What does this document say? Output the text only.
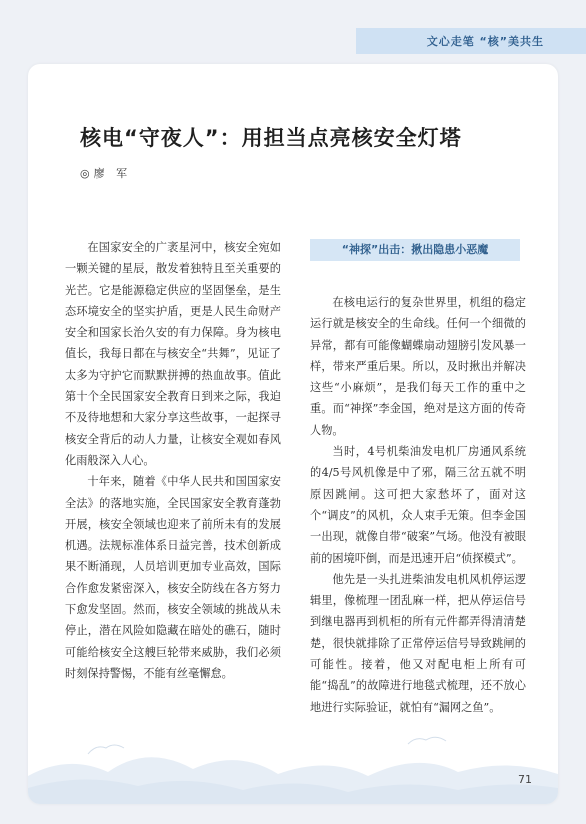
文心走笔 “核”美共生
核电“守夜人”：用担当点亮核安全灯塔
◎廖 军

在国家安全的广袤星河中，核安全宛如一颗关键的星辰，散发着独特且至关重要的光芒。它是能源稳定供应的坚固堡垒，是生态环境安全的坚实护盾，更是人民生命财产安全和国家长治久安的有力保障。身为核电值长，我每日都在与核安全“共舞”，见证了太多为守护它而默默拼搏的热血故事。值此第十个全民国家安全教育日到来之际，我迫不及待地想和大家分享这些故事，一起探寻核安全背后的动人力量，让核安全观如春风化雨般深入人心。

十年来，随着《中华人民共和国国家安全法》的落地实施，全民国家安全教育蓬勃开展，核安全领域也迎来了前所未有的发展机遇。法规标准体系日益完善，技术创新成果不断涌现，人员培训更加专业高效，国际合作愈发紧密深入，核安全防线在各方努力下愈发坚固。然而，核安全领域的挑战从未停止，潜在风险如隐藏在暗处的礁石，随时可能给核安全这艘巨轮带来威胁，我们必须时刻保持警惕，不能有丝毫懈怠。

“神探”出击：揪出隐患小恶魔

在核电运行的复杂世界里，机组的稳定运行就是核安全的生命线。任何一个细微的异常，都有可能像蝴蝶扇动翅膀引发风暴一样，带来严重后果。所以，及时揪出并解决这些“小麻烦”，是我们每天工作的重中之重。而“神探”李金国，绝对是这方面的传奇人物。

当时，4号机柴油发电机厂房通风系统的4/5号风机像是中了邪，隔三岔五就不明原因跳闸。这可把大家愁坏了，面对这个“调皮”的风机，众人束手无策。但李金国一出现，就像自带“破案”气场。他没有被眼前的困境吓倒，而是迅速开启“侦探模式”。

他先是一头扎进柴油发电机风机停运逻辑里，像梳理一团乱麻一样，把从停运信号到继电器再到机柜的所有元件都弄得清清楚楚，很快就排除了正常停运信号导致跳闸的可能性。接着，他又对配电柜上所有可能“捣乱”的故障进行地毯式梳理，还不放心地进行实际验证，就怕有“漏网之鱼”。

71
